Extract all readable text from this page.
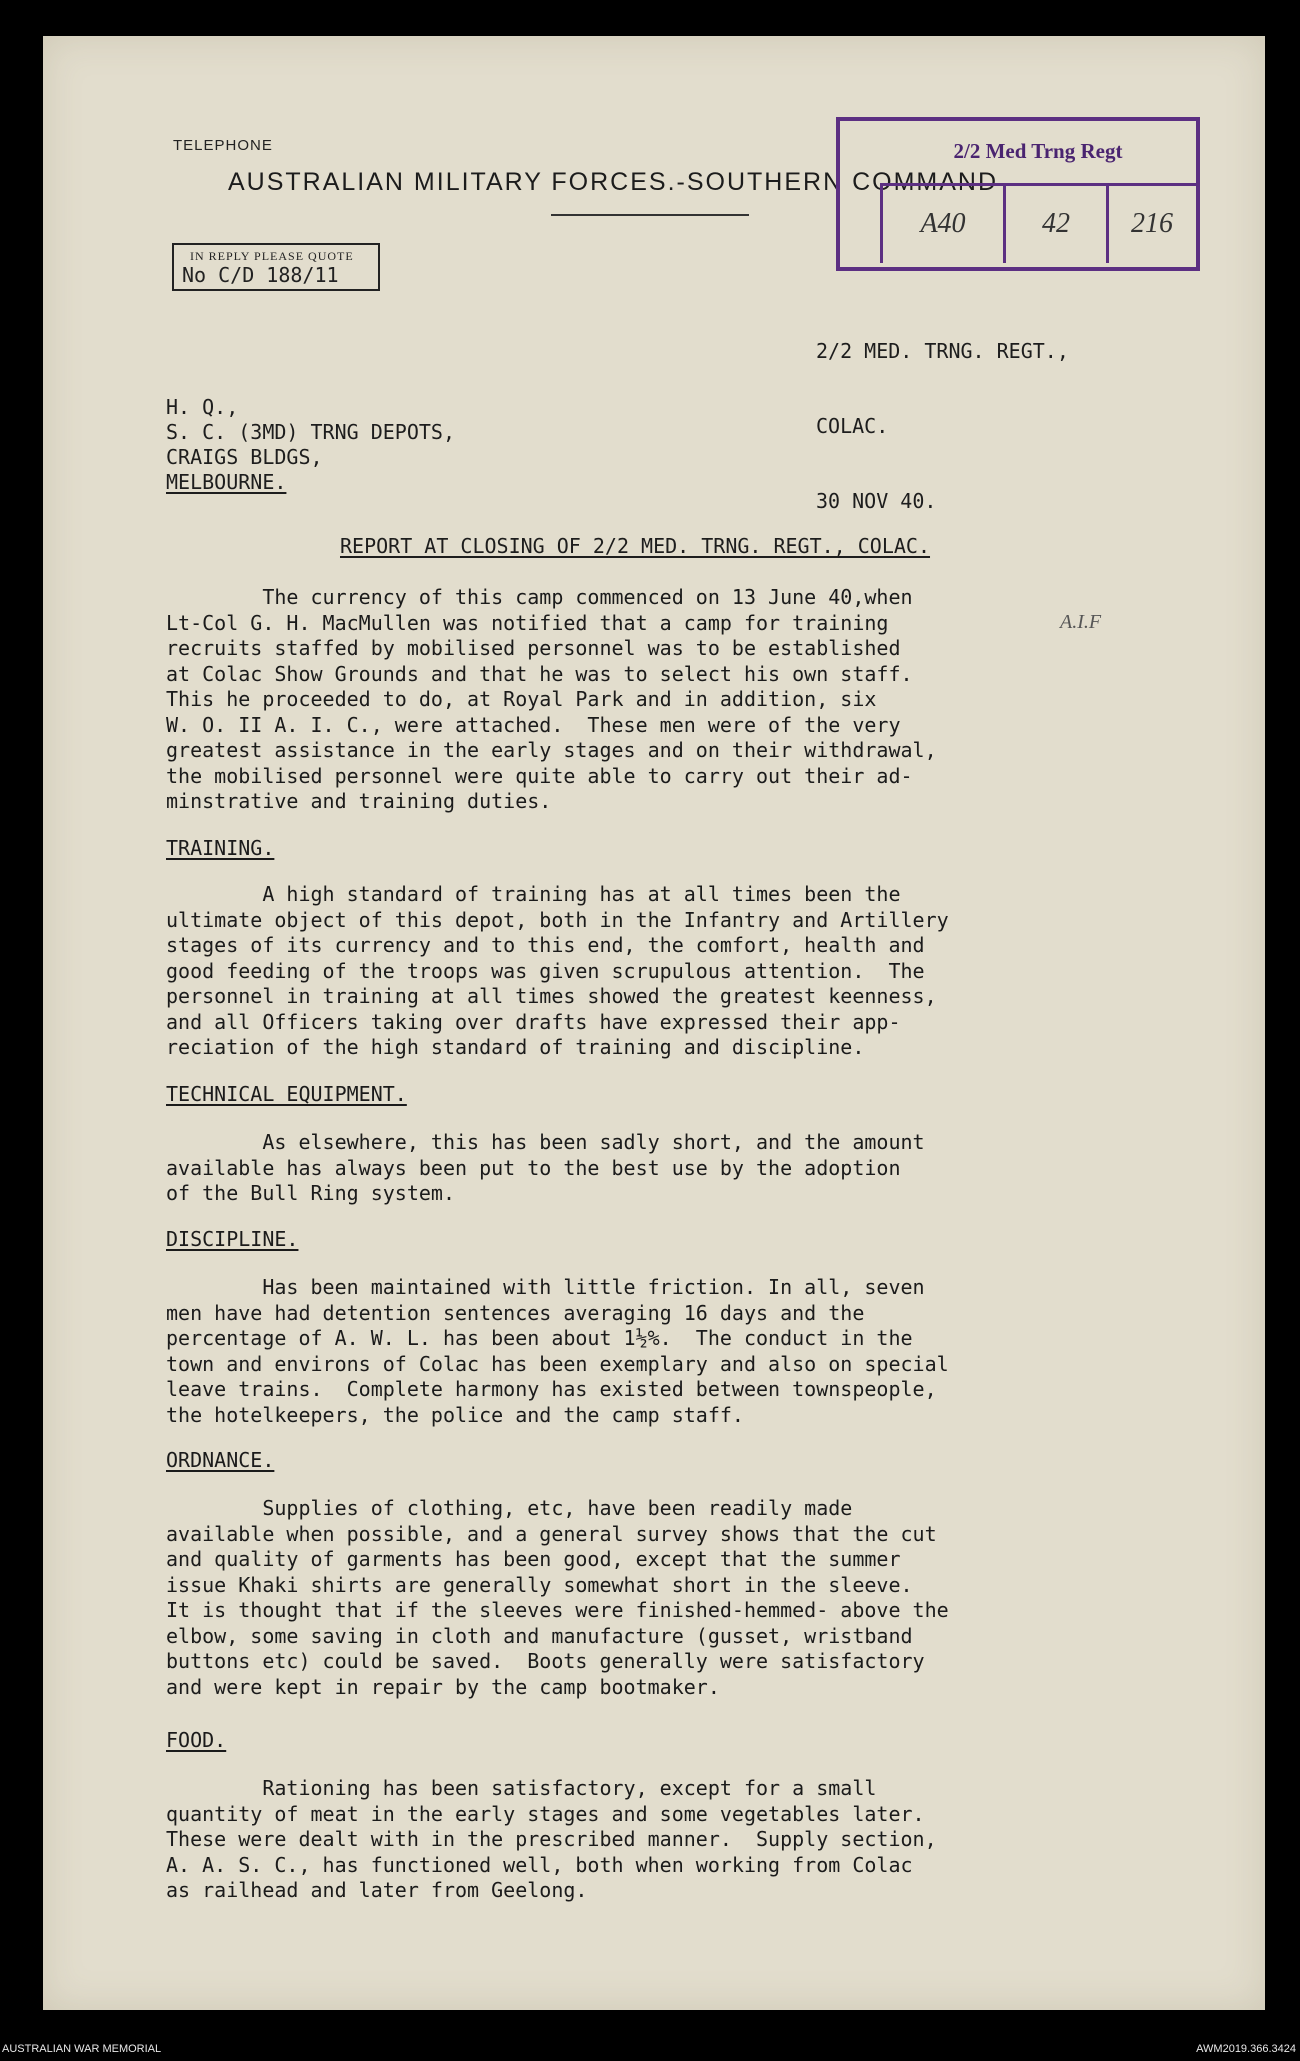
TELEPHONE
AUSTRALIAN MILITARY FORCES.-SOUTHERN COMMAND
IN REPLY PLEASE QUOTE
No C/D 188/11
2/2 Med Trng Regt
A40	42	216

2/2 MED. TRNG. REGT.,

COLAC.

30 NOV 40.

H. Q.,
S. C. (3MD) TRNG DEPOTS,
CRAIGS BLDGS,
MELBOURNE.
REPORT AT CLOSING OF 2/2 MED. TRNG. REGT., COLAC.
The currency of this camp commenced on 13 June 40,when
Lt-Col G. H. MacMullen was notified that a camp for training
recruits staffed by mobilised personnel was to be established
at Colac Show Grounds and that he was to select his own staff.
This he proceeded to do, at Royal Park and in addition, six
W. O. II A. I. C., were attached.  These men were of the very
greatest assistance in the early stages and on their withdrawal,
the mobilised personnel were quite able to carry out their ad-
minstrative and training duties.
A.I.F
TRAINING.
A high standard of training has at all times been the
ultimate object of this depot, both in the Infantry and Artillery
stages of its currency and to this end, the comfort, health and
good feeding of the troops was given scrupulous attention.  The
personnel in training at all times showed the greatest keenness,
and all Officers taking over drafts have expressed their app-
reciation of the high standard of training and discipline.
TECHNICAL EQUIPMENT.
As elsewhere, this has been sadly short, and the amount
available has always been put to the best use by the adoption
of the Bull Ring system.
DISCIPLINE.
Has been maintained with little friction. In all, seven
men have had detention sentences averaging 16 days and the
percentage of A. W. L. has been about 1½%.  The conduct in the
town and environs of Colac has been exemplary and also on special
leave trains.  Complete harmony has existed between townspeople,
the hotelkeepers, the police and the camp staff.
ORDNANCE.
Supplies of clothing, etc, have been readily made
available when possible, and a general survey shows that the cut
and quality of garments has been good, except that the summer
issue Khaki shirts are generally somewhat short in the sleeve.
It is thought that if the sleeves were finished-hemmed- above the
elbow, some saving in cloth and manufacture (gusset, wristband
buttons etc) could be saved.  Boots generally were satisfactory
and were kept in repair by the camp bootmaker.
FOOD.
Rationing has been satisfactory, except for a small
quantity of meat in the early stages and some vegetables later.
These were dealt with in the prescribed manner.  Supply section,
A. A. S. C., has functioned well, both when working from Colac
as railhead and later from Geelong.
AUSTRALIAN WAR MEMORIAL	AWM2019.366.3424
